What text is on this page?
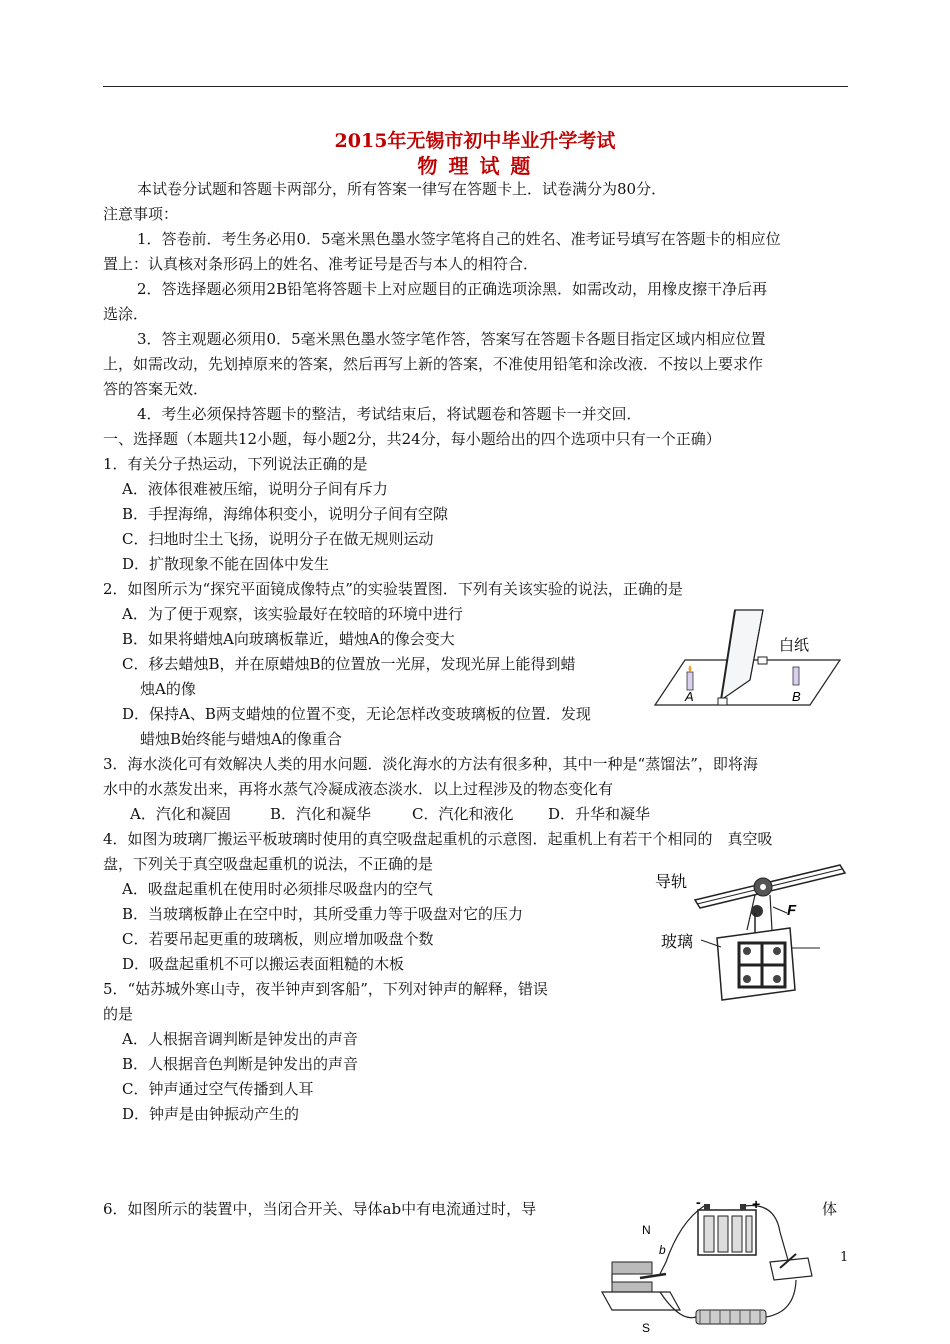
2015年无锡市初中毕业升学考试
物 理 试 题
本试卷分试题和答题卡两部分，所有答案一律写在答题卡上．试卷满分为80分．
注意事项：
1．答卷前．考生务必用0．5毫米黑色墨水签字笔将自己的姓名、准考证号填写在答题卡的相应位
置上：认真核对条形码上的姓名、准考证号是否与本人的相符合．
2．答选择题必须用2B铅笔将答题卡上对应题目的正确选项涂黑．如需改动，用橡皮擦干净后再
选涂．
3．答主观题必须用0．5毫米黑色墨水签字笔作答，答案写在答题卡各题目指定区域内相应位置
上，如需改动，先划掉原来的答案，然后再写上新的答案，不准使用铅笔和涂改液．不按以上要求作
答的答案无效．
4．考生必须保持答题卡的整洁，考试结束后，将试题卷和答题卡一并交回．
一、选择题（本题共12小题，每小题2分，共24分，每小题给出的四个选项中只有一个正确）
1．有关分子热运动，下列说法正确的是
A．液体很难被压缩，说明分子间有斥力
B．手捏海绵，海绵体积变小，说明分子间有空隙
C．扫地时尘土飞扬，说明分子在做无规则运动
D．扩散现象不能在固体中发生
2．如图所示为“探究平面镜成像特点”的实验装置图．下列有关该实验的说法，正确的是
A．为了便于观察，该实验最好在较暗的环境中进行
B．如果将蜡烛A向玻璃板靠近，蜡烛A的像会变大
C．移去蜡烛B，并在原蜡烛B的位置放一光屏，发现光屏上能得到蜡
烛A的像
D．保持A、B两支蜡烛的位置不变，无论怎样改变玻璃板的位置．发现
蜡烛B始终能与蜡烛A的像重合
白纸
A	B
3．海水淡化可有效解决人类的用水问题．淡化海水的方法有很多种，其中一种是“蒸馏法”，即将海
水中的水蒸发出来，再将水蒸气冷凝成液态淡水．以上过程涉及的物态变化有
A．汽化和凝固	B．汽化和凝华	C．汽化和液化 D．升华和凝华
4．如图为玻璃厂搬运平板玻璃时使用的真空吸盘起重机的示意图．起重机上有若干个相同的　真空吸
盘，下列关于真空吸盘起重机的说法，不正确的是
A．吸盘起重机在使用时必须排尽吸盘内的空气
B．当玻璃板静止在空中时，其所受重力等于吸盘对它的压力
C．若要吊起更重的玻璃板，则应增加吸盘个数
D．吸盘起重机不可以搬运表面粗糙的木板
导轨
F
玻璃
5．“姑苏城外寒山寺，夜半钟声到客船”，下列对钟声的解释，错误
的是
A．人根据音调判断是钟发出的声音
B．人根据音色判断是钟发出的声音
C．钟声通过空气传播到人耳
D．钟声是由钟振动产生的
6．如图所示的装置中，当闭合开关、导体ab中有电流通过时，导	体
N
S
b
-	+
1
